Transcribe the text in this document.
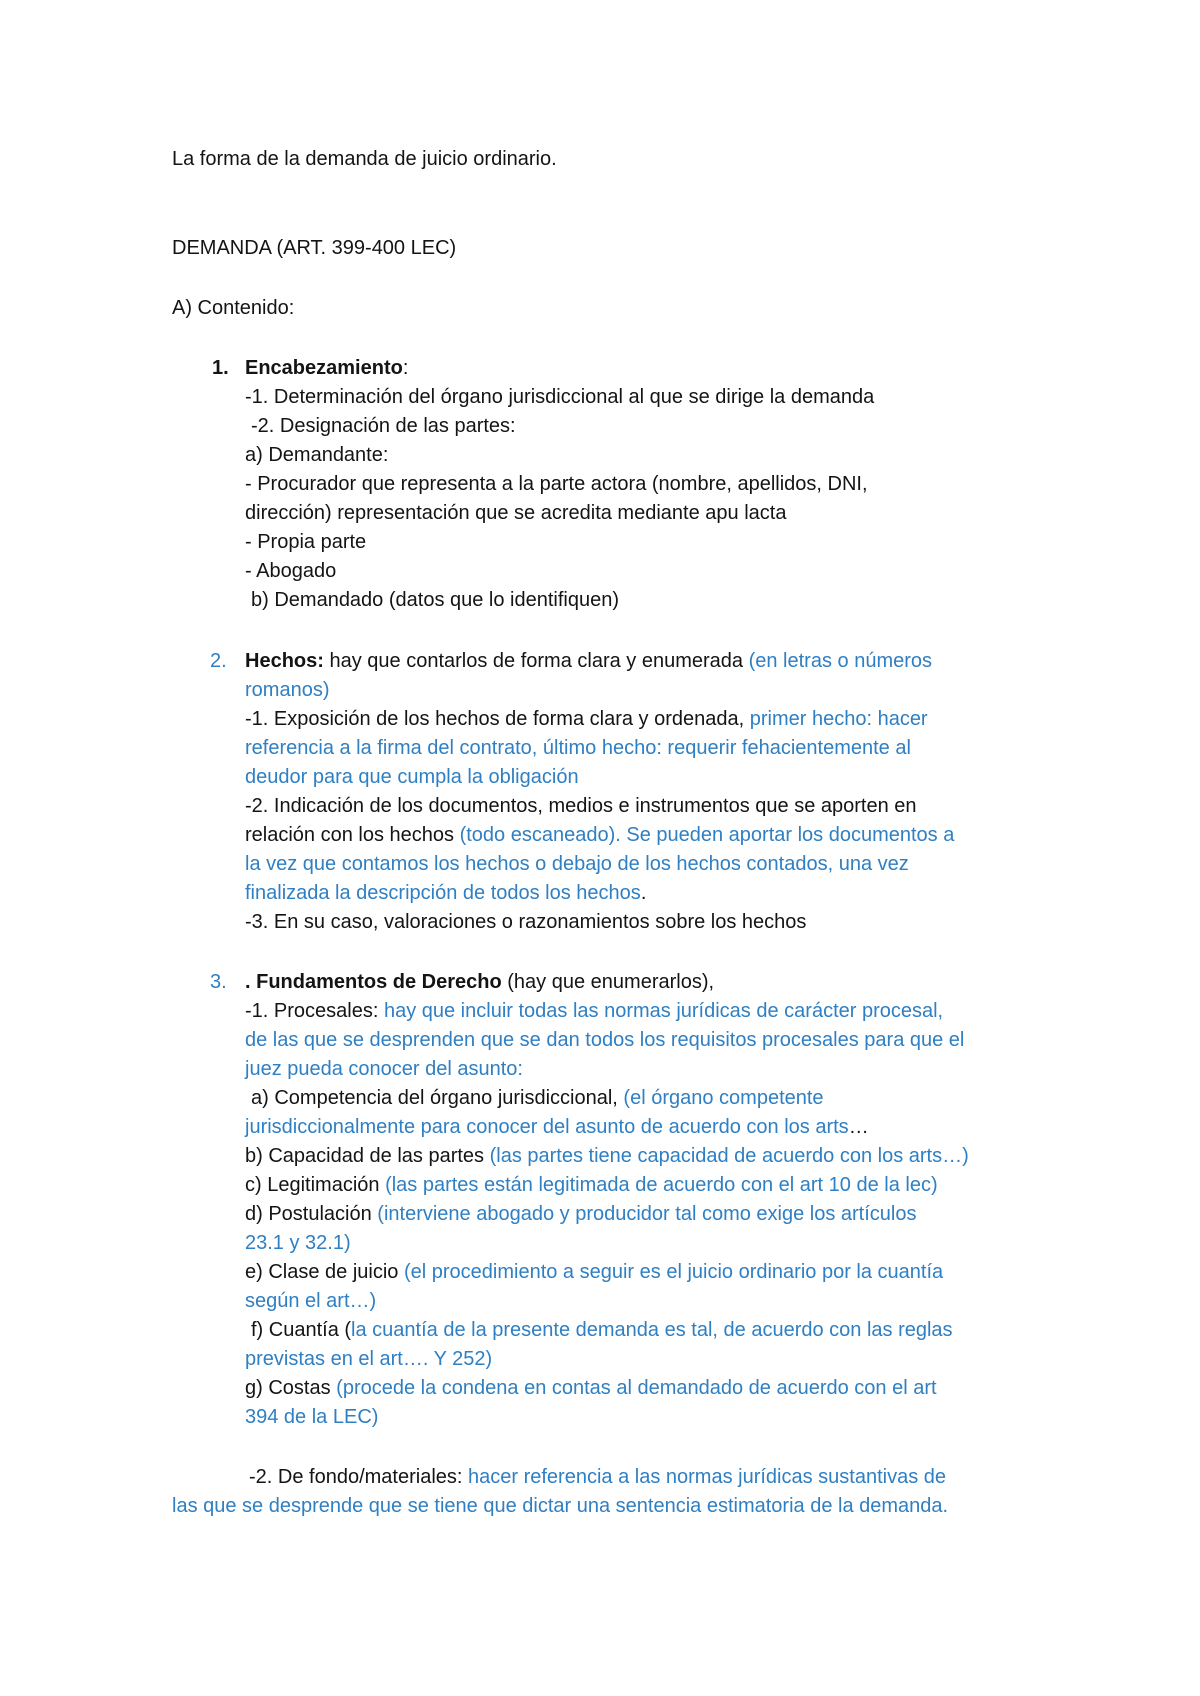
La forma de la demanda de juicio ordinario.
DEMANDA (ART. 399-400 LEC)
A) Contenido:
1. Encabezamiento:
-1. Determinación del órgano jurisdiccional al que se dirige la demanda
-2. Designación de las partes:
a) Demandante:
- Procurador que representa a la parte actora (nombre, apellidos, DNI,
dirección) representación que se acredita mediante apu lacta
- Propia parte
- Abogado
b) Demandado (datos que lo identifiquen)
2. Hechos: hay que contarlos de forma clara y enumerada (en letras o números
romanos)
-1. Exposición de los hechos de forma clara y ordenada, primer hecho: hacer
referencia a la firma del contrato, último hecho: requerir fehacientemente al
deudor para que cumpla la obligación
-2. Indicación de los documentos, medios e instrumentos que se aporten en
relación con los hechos (todo escaneado). Se pueden aportar los documentos a
la vez que contamos los hechos o debajo de los hechos contados, una vez
finalizada la descripción de todos los hechos.
-3. En su caso, valoraciones o razonamientos sobre los hechos
3. . Fundamentos de Derecho (hay que enumerarlos),
-1. Procesales: hay que incluir todas las normas jurídicas de carácter procesal,
de las que se desprenden que se dan todos los requisitos procesales para que el
juez pueda conocer del asunto:
a) Competencia del órgano jurisdiccional, (el órgano competente
jurisdiccionalmente para conocer del asunto de acuerdo con los arts…
b) Capacidad de las partes (las partes tiene capacidad de acuerdo con los arts…)
c) Legitimación (las partes están legitimada de acuerdo con el art 10 de la lec)
d) Postulación (interviene abogado y producidor tal como exige los artículos
23.1 y 32.1)
e) Clase de juicio (el procedimiento a seguir es el juicio ordinario por la cuantía
según el art…)
f) Cuantía (la cuantía de la presente demanda es tal, de acuerdo con las reglas
previstas en el art…. Y 252)
g) Costas (procede la condena en contas al demandado de acuerdo con el art
394 de la LEC)
-2. De fondo/materiales: hacer referencia a las normas jurídicas sustantivas de
las que se desprende que se tiene que dictar una sentencia estimatoria de la demanda.
